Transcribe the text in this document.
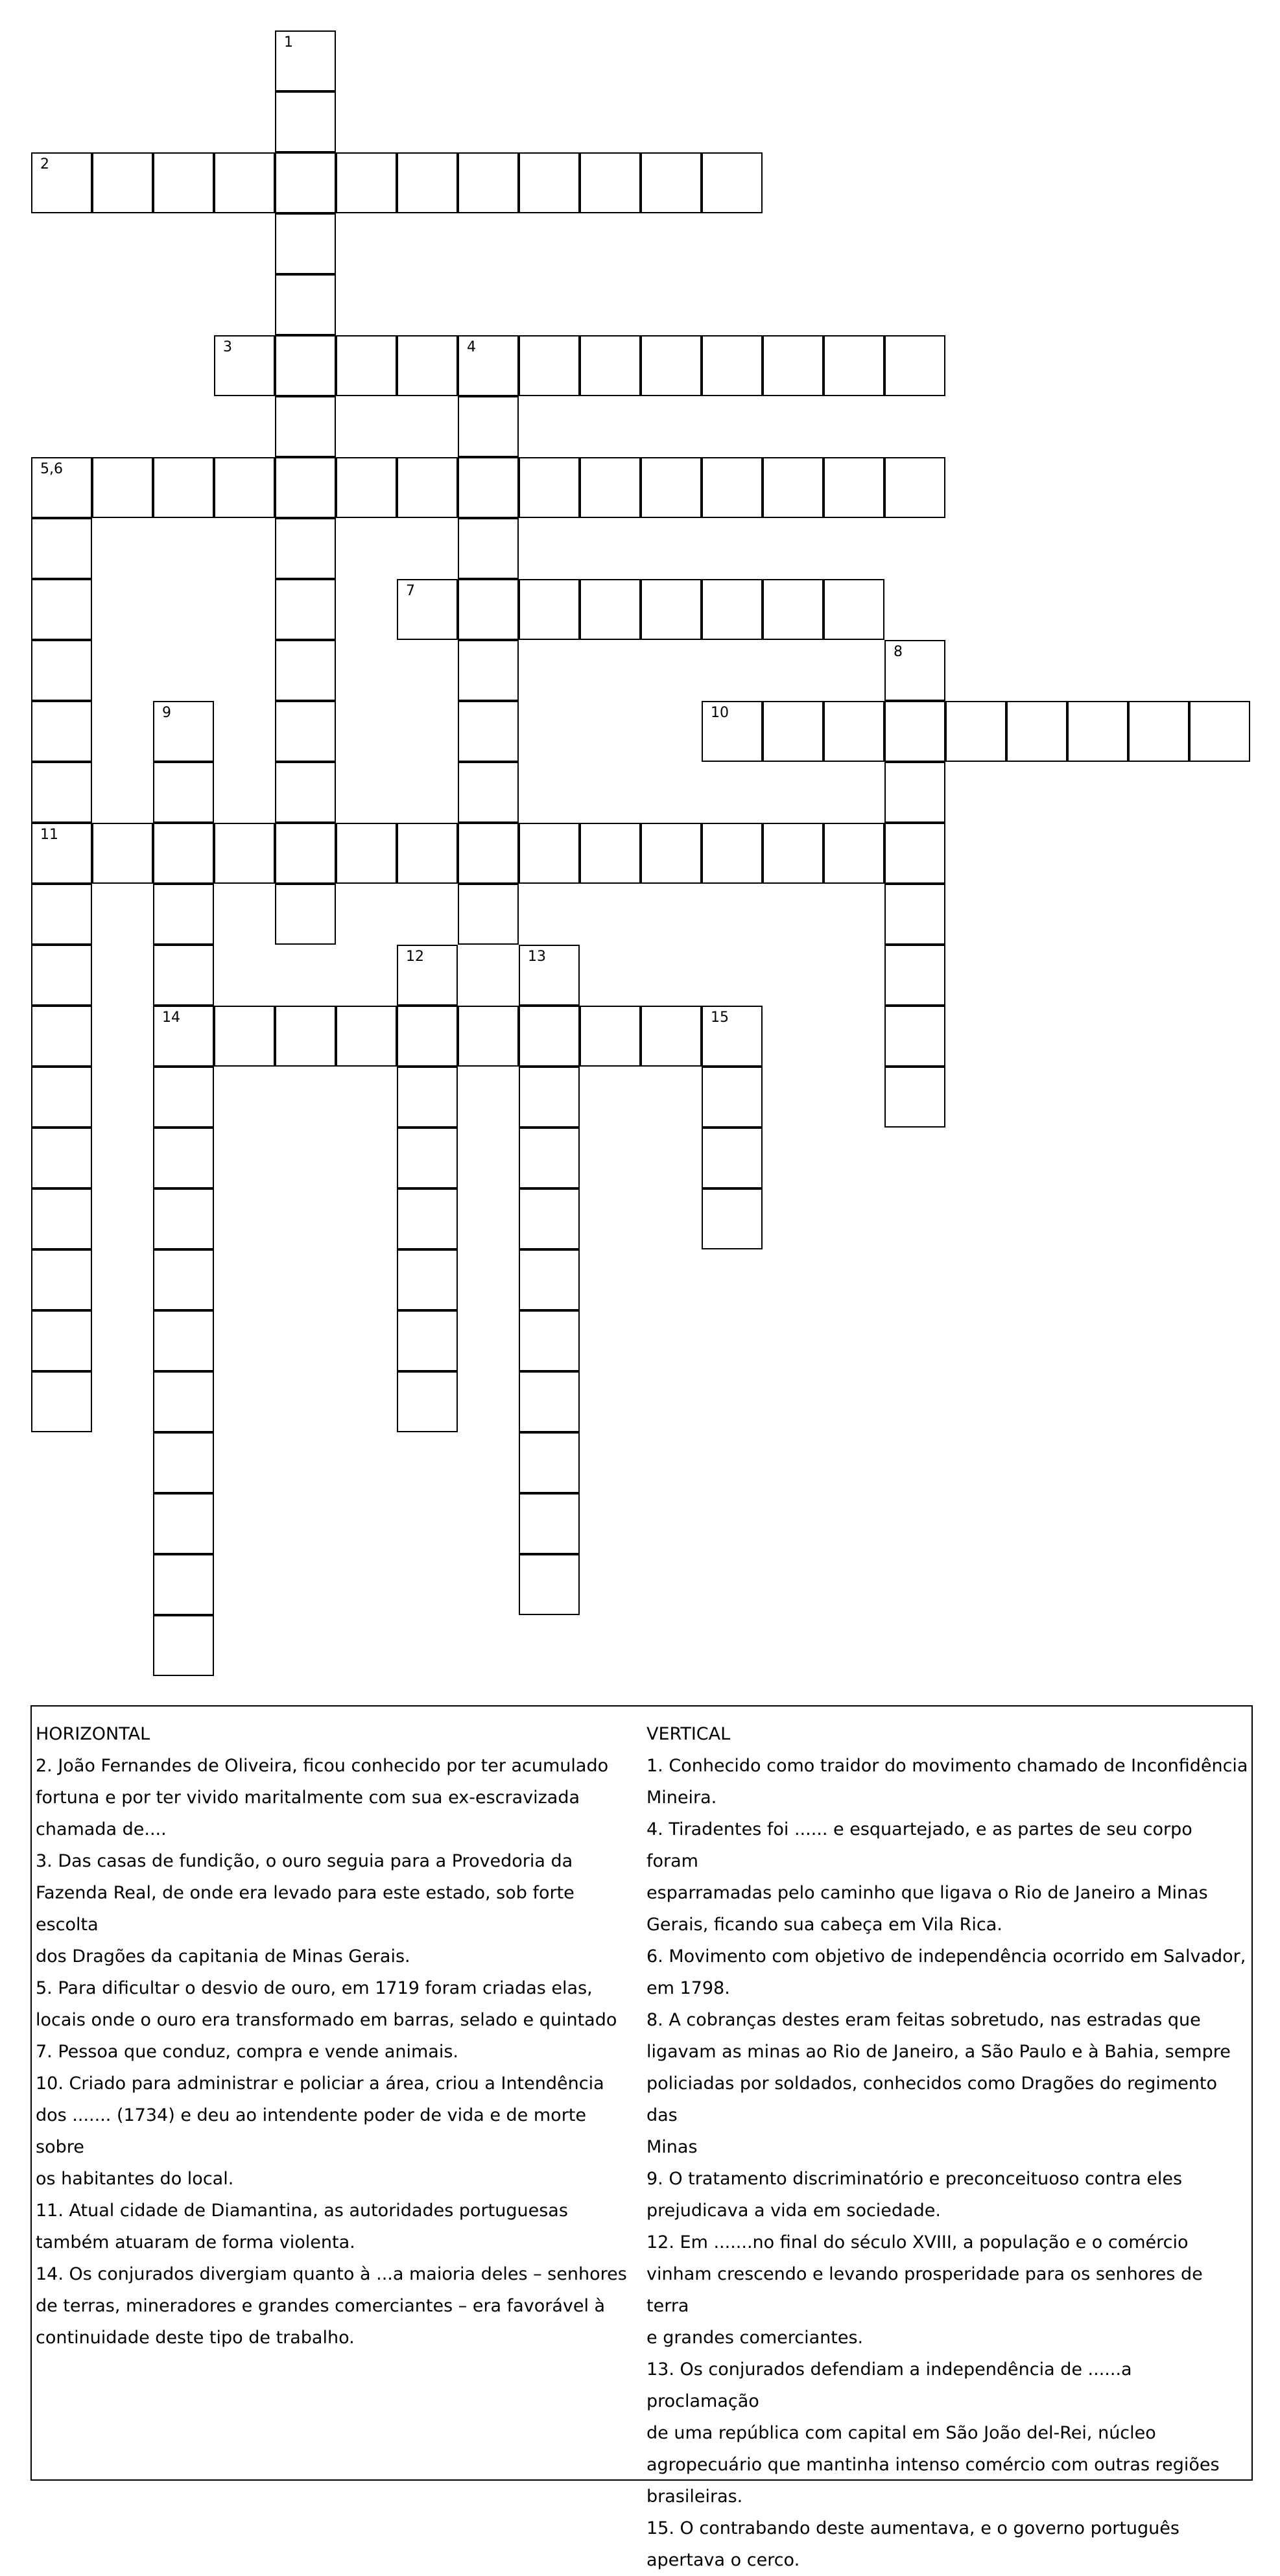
1
2
3	4
5,6
11
7
8
9
14
10
12	13
15

HORIZONTAL

2. João Fernandes de Oliveira, ficou conhecido por ter acumulado

fortuna e por ter vivido maritalmente com sua ex-escravizada

chamada de....

3. Das casas de fundição, o ouro seguia para a Provedoria da

Fazenda Real, de onde era levado para este estado, sob forte escolta

dos Dragões da capitania de Minas Gerais.

5. Para dificultar o desvio de ouro, em 1719 foram criadas elas,

locais onde o ouro era transformado em barras, selado e quintado

7. Pessoa que conduz, compra e vende animais.

10. Criado para administrar e policiar a área, criou a Intendência

dos ....... (1734) e deu ao intendente poder de vida e de morte sobre

os habitantes do local.

11. Atual cidade de Diamantina, as autoridades portuguesas

também atuaram de forma violenta.

14. Os conjurados divergiam quanto à ...a maioria deles – senhores

de terras, mineradores e grandes comerciantes – era favorável à

continuidade deste tipo de trabalho.

VERTICAL

1. Conhecido como traidor do movimento chamado de Inconfidência

Mineira.

4. Tiradentes foi ...... e esquartejado, e as partes de seu corpo foram

esparramadas pelo caminho que ligava o Rio de Janeiro a Minas

Gerais, ficando sua cabeça em Vila Rica.

6. Movimento com objetivo de independência ocorrido em Salvador,

em 1798.

8. A cobranças destes eram feitas sobretudo, nas estradas que

ligavam as minas ao Rio de Janeiro, a São Paulo e à Bahia, sempre

policiadas por soldados, conhecidos como Dragões do regimento das

Minas

9. O tratamento discriminatório e preconceituoso contra eles

prejudicava a vida em sociedade.

12. Em .......no final do século XVIII, a população e o comércio

vinham crescendo e levando prosperidade para os senhores de terra

e grandes comerciantes.

13. Os conjurados defendiam a independência de ......a proclamação

de uma república com capital em São João del-Rei, núcleo

agropecuário que mantinha intenso comércio com outras regiões

brasileiras.

15. O contrabando deste aumentava, e o governo português

apertava o cerco.
